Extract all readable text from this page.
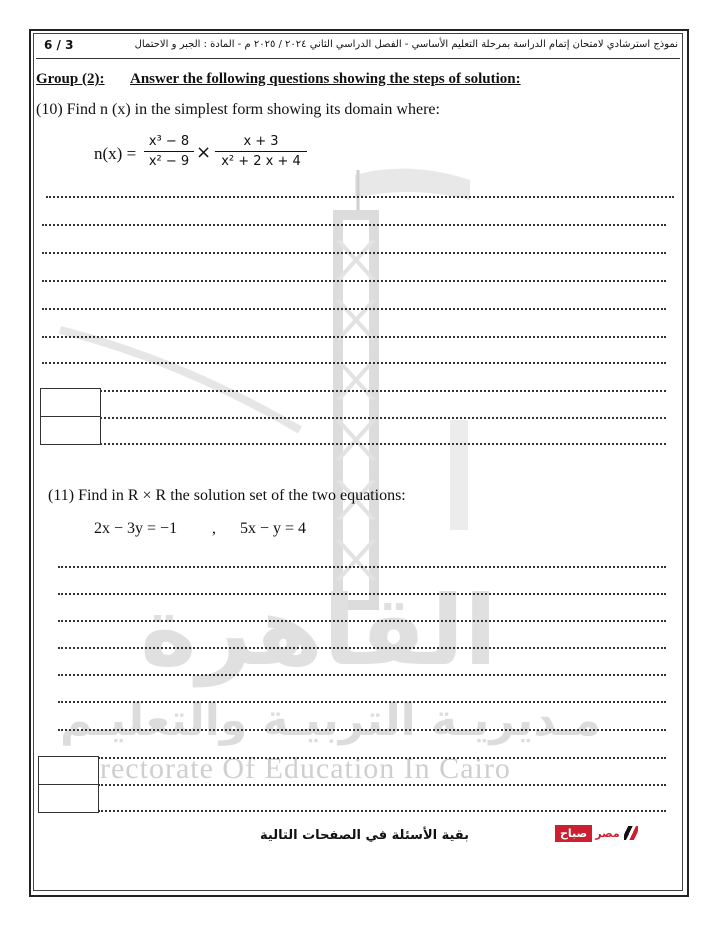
القاهرة
مـديريـة التربيـة والتعليـم
rectorate Of Education In Cairo
نموذج استرشادي لامتحان إتمام الدراسة بمرحلة التعليم الأساسي - الفصل الدراسي الثاني ٢٠٢٤ / ٢٠٢٥ م - المادة : الجبر و الاحتمال
6 / 3
Group (2): Answer the following questions showing the steps of solution:
(10) Find n (x) in the simplest form showing its domain where:
$n(x) = \frac{\text{x³ − 8}}{\text{x² − 9}} \times \frac{x + 3}{\text{x² + 2 x + 4}}$
(11) Find in R × R the solution set of the two equations:
2x − 3y = −1 , 5x − y = 4
بقية الأسئلة في الصفحات التالية	مصرصباح
